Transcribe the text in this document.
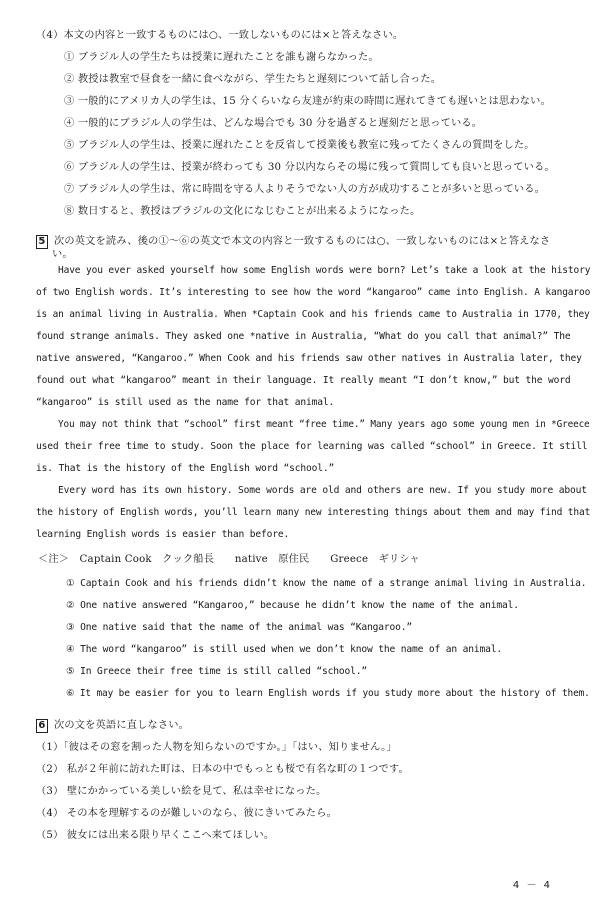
（4）本文の内容と一致するものには○、一致しないものには×と答えなさい。
① ブラジル人の学生たちは授業に遅れたことを誰も謝らなかった。
② 教授は教室で昼食を一緒に食べながら、学生たちと遅刻について話し合った。
③ 一般的にアメリカ人の学生は、15 分くらいなら友達が約束の時間に遅れてきても遅いとは思わない。
④ 一般的にブラジル人の学生は、どんな場合でも 30 分を過ぎると遅刻だと思っている。
⑤ ブラジル人の学生は、授業に遅れたことを反省して授業後も教室に残ってたくさんの質問をした。
⑥ ブラジル人の学生は、授業が終わっても 30 分以内ならその場に残って質問しても良いと思っている。
⑦ ブラジル人の学生は、常に時間を守る人よりそうでない人の方が成功することが多いと思っている。
⑧ 数日すると、教授はブラジルの文化になじむことが出来るようになった。
5 次の英文を読み、後の①～⑥の英文で本文の内容と一致するものには○、一致しないものには×と答えなさ
い。
Have you ever asked yourself how some English words were born? Let’s take a look at the history
of two English words. It’s interesting to see how the word “kangaroo” came into English. A kangaroo
is an animal living in Australia. When *Captain Cook and his friends came to Australia in 1770, they
found strange animals. They asked one *native in Australia, “What do you call that animal?” The
native answered, “Kangaroo.” When Cook and his friends saw other natives in Australia later, they
found out what “kangaroo” meant in their language. It really meant “I don’t know,” but the word
“kangaroo” is still used as the name for that animal.
You may not think that “school” first meant “free time.” Many years ago some young men in *Greece
used their free time to study. Soon the place for learning was called “school” in Greece. It still
is. That is the history of the English word “school.”
Every word has its own history. Some words are old and others are new. If you study more about
the history of English words, you’ll learn many new interesting things about them and may find that
learning English words is easier than before.
＜注＞　Captain Cook　クック船長　　native　原住民　　Greece　ギリシャ
① Captain Cook and his friends didn’t know the name of a strange animal living in Australia.
② One native answered “Kangaroo,” because he didn’t know the name of the animal.
③ One native said that the name of the animal was “Kangaroo.”
④ The word “kangaroo” is still used when we don’t know the name of an animal.
⑤ In Greece their free time is still called “school.”
⑥ It may be easier for you to learn English words if you study more about the history of them.
6 次の文を英語に直しなさい。
（1）「彼はその窓を割った人物を知らないのですか。」「はい、知りません。」
（2） 私が２年前に訪れた町は、日本の中でもっとも桜で有名な町の１つです。
（3） 壁にかかっている美しい絵を見て、私は幸せになった。
（4） その本を理解するのが難しいのなら、彼にきいてみたら。
（5） 彼女には出来る限り早くここへ来てほしい。
4 － 4
